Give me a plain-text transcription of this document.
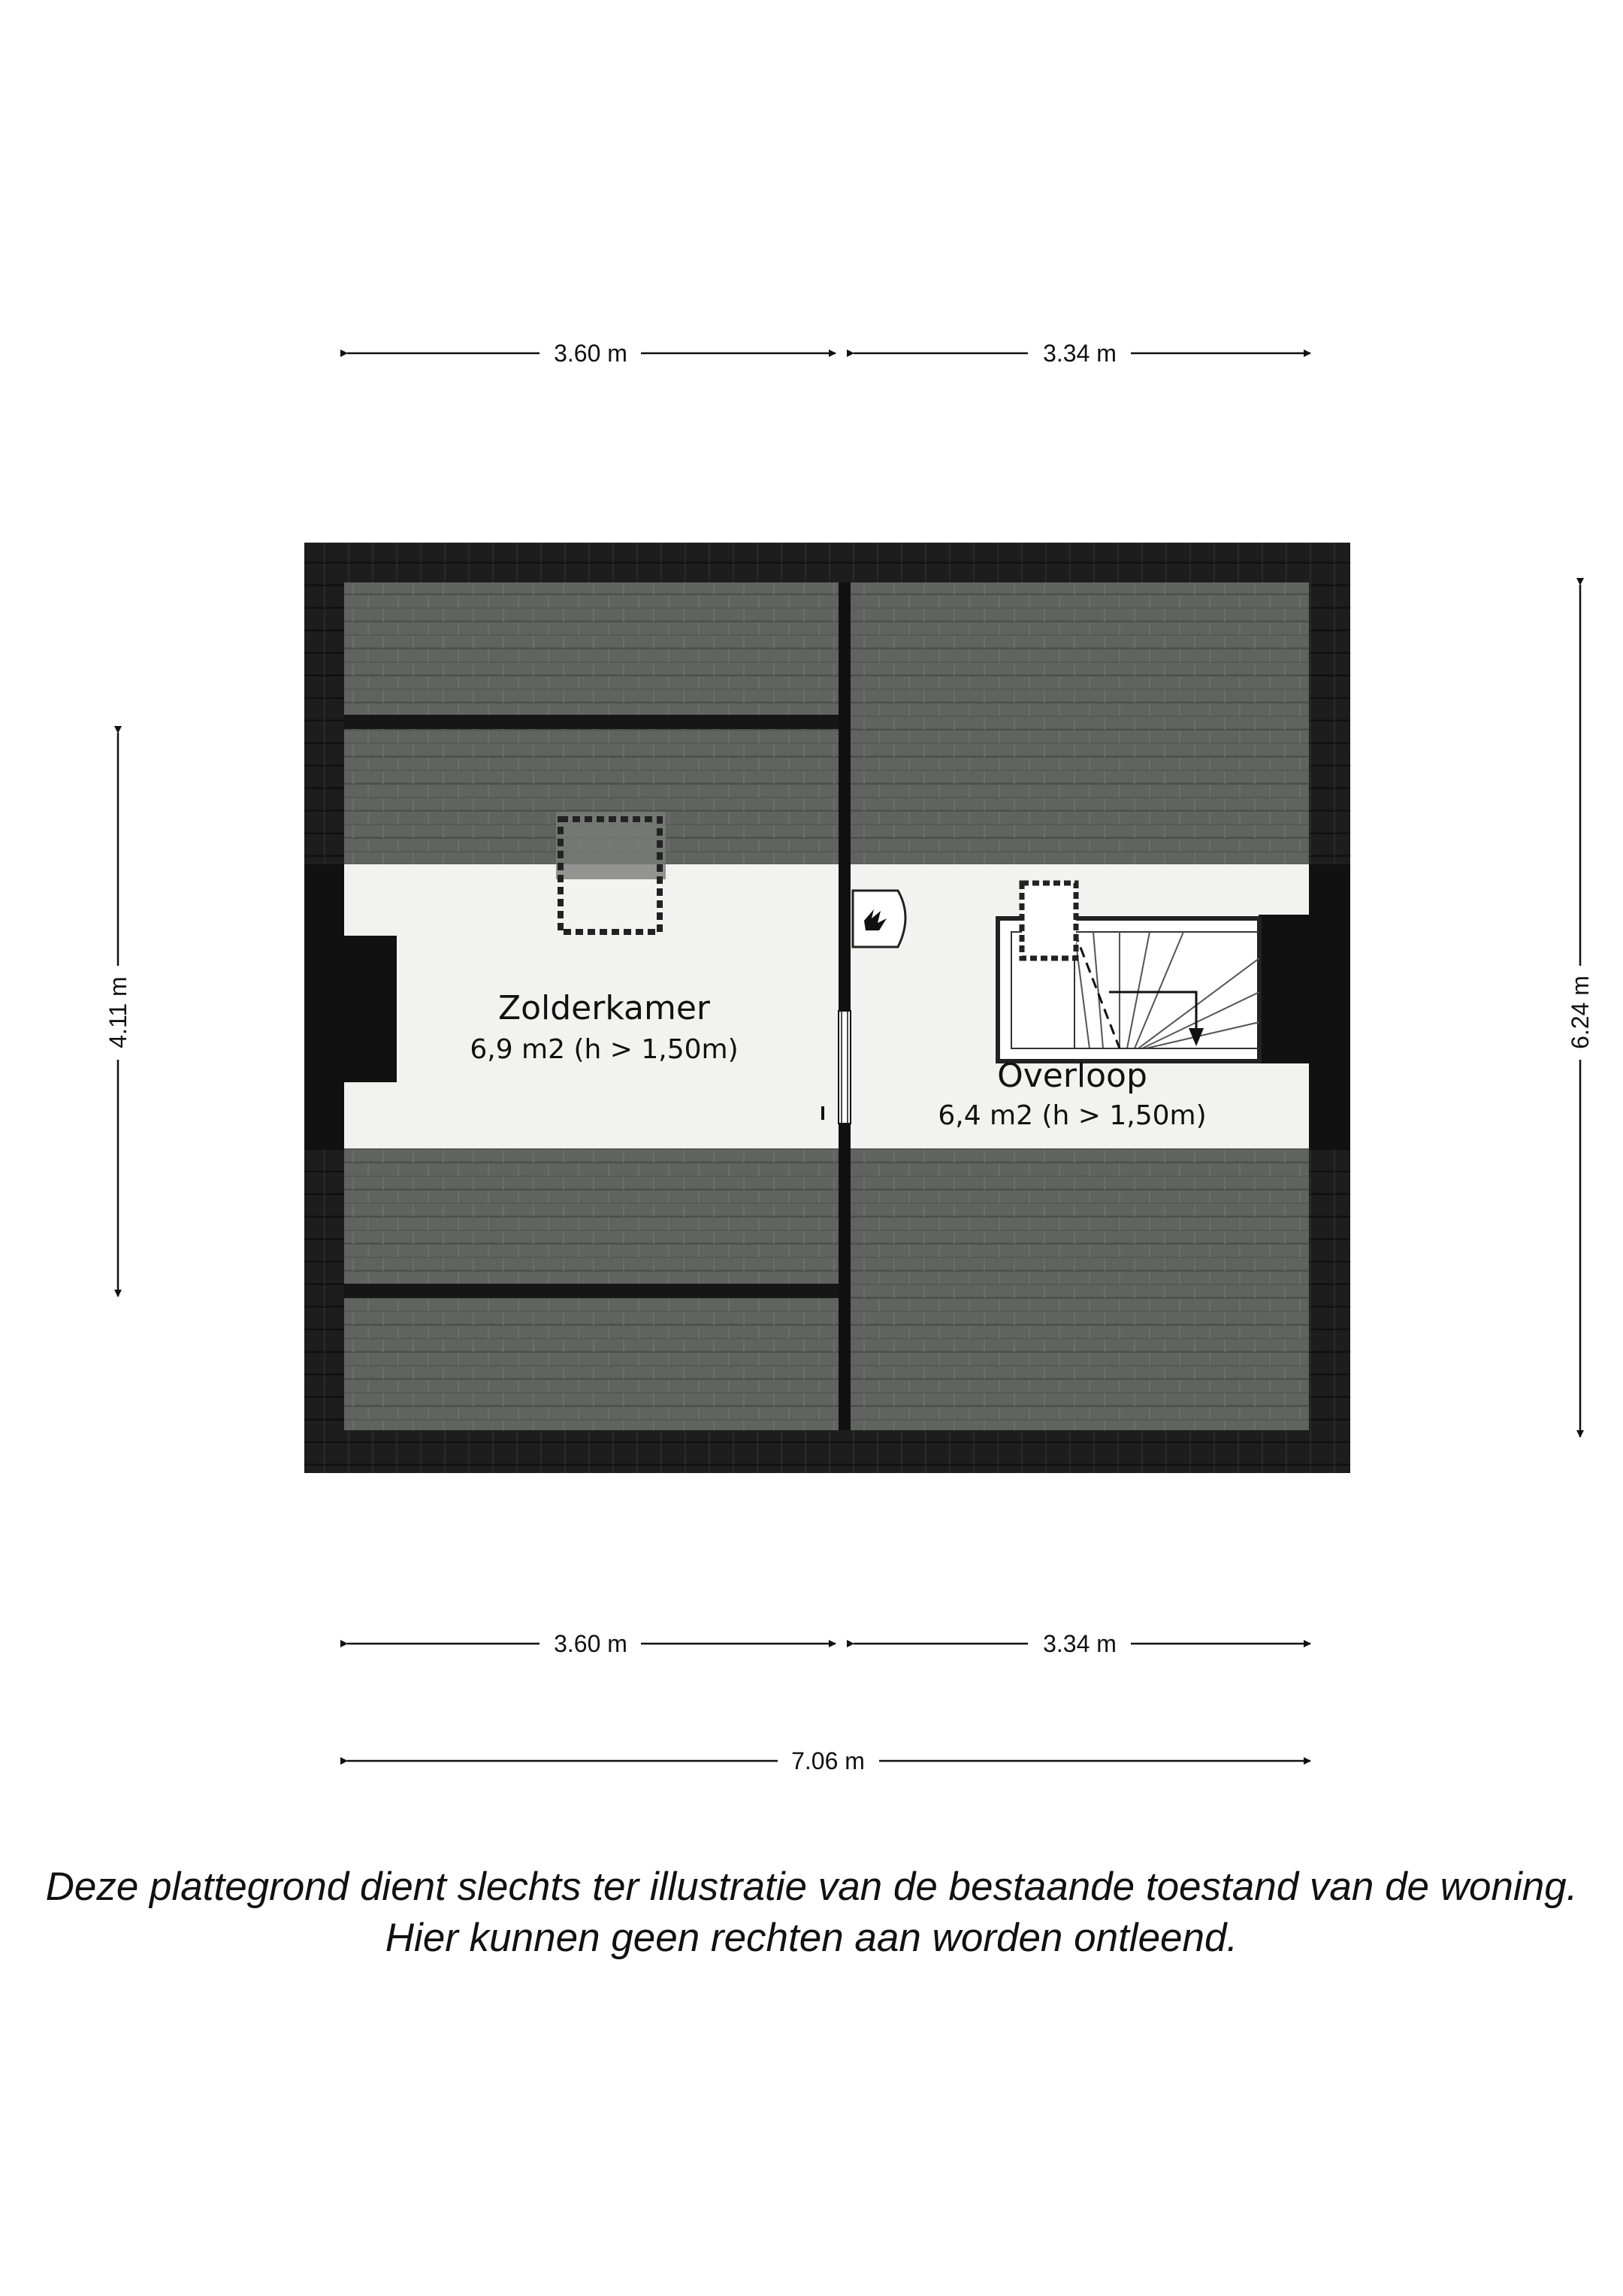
3.60 m	3.34 m
3.60 m	3.34 m
7.06 m
4.11 m	6.24 m
Zolderkamer
6,9 m2 (h > 1,50m)
Overloop
6,4 m2 (h > 1,50m)
Deze plattegrond dient slechts ter illustratie van de bestaande toestand van de woning.
Hier kunnen geen rechten aan worden ontleend.
